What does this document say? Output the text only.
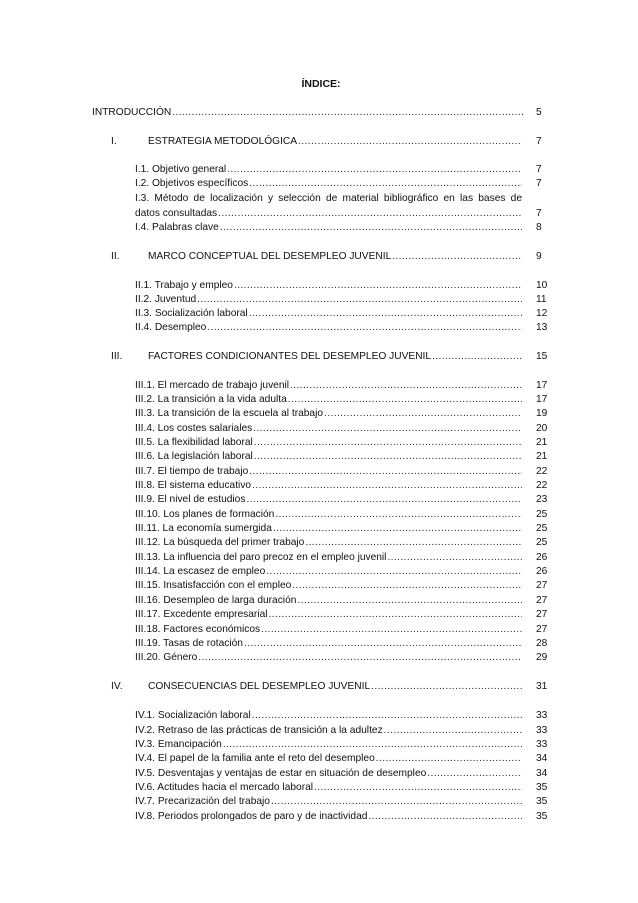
ÍNDICE:
INTRODUCCIÓN .....	5
I.	ESTRATEGIA METODOLÓGICA .....	7
I.1. Objetivo general .....	7
I.2. Objetivos específicos .....	7
I.3. Método de localización y selección de material bibliográfico en las bases de
datos consultadas .....	7
I.4. Palabras clave .....	8
II.	MARCO CONCEPTUAL DEL DESEMPLEO JUVENIL .....	9
II.1. Trabajo y empleo .....	10
II.2. Juventud .....	11
II.3. Socialización laboral .....	12
II.4. Desempleo .....	13
III.	FACTORES CONDICIONANTES DEL DESEMPLEO JUVENIL .....	15
III.1. El mercado de trabajo juvenil .....	17
III.2. La transición a la vida adulta .....	17
III.3. La transición de la escuela al trabajo .....	19
III.4. Los costes salariales .....	20
III.5. La flexibilidad laboral .....	21
III.6. La legislación laboral .....	21
III.7. El tiempo de trabajo .....	22
III.8. El sistema educativo .....	22
III.9. El nivel de estudios .....	23
III.10. Los planes de formación .....	25
III.11. La economía sumergida .....	25
III.12. La búsqueda del primer trabajo .....	25
III.13. La influencia del paro precoz en el empleo juvenil .....	26
III.14. La escasez de empleo .....	26
III.15. Insatisfacción con el empleo .....	27
III.16. Desempleo de larga duración .....	27
III.17. Excedente empresarial .....	27
III.18. Factores económicos .....	27
III.19. Tasas de rotación .....	28
III.20. Género .....	29
IV. CONSECUENCIAS DEL DESEMPLEO JUVENIL .....	31
IV.1. Socialización laboral .....	33
IV.2. Retraso de las prácticas de transición a la adultez .....	33
IV.3. Emancipación .....	33
IV.4. El papel de la familia ante el reto del desempleo .....	34
IV.5. Desventajas y ventajas de estar en situación de desempleo .....	34
IV.6. Actitudes hacia el mercado laboral .....	35
IV.7. Precarización del trabajo .....	35
IV.8. Periodos prolongados de paro y de inactividad .....	35
